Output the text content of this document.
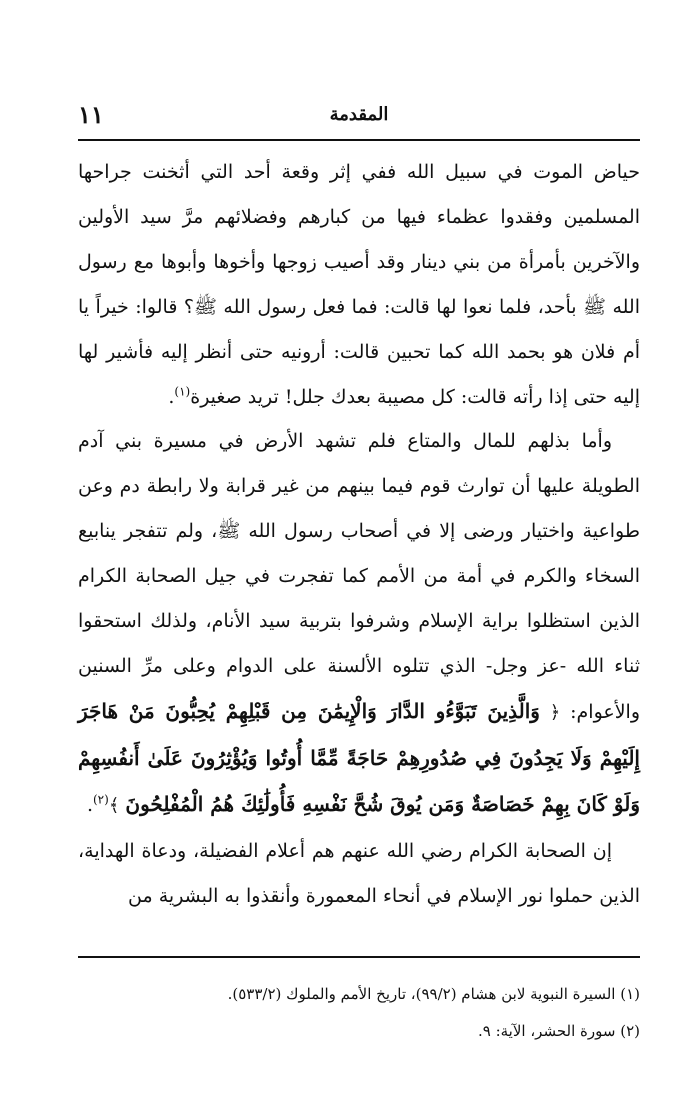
١١	المقدمة

حياض الموت في سبيل الله ففي إثر وقعة أحد التي أثخنت جراحها المسلمين وفقدوا عظماء فيها من كبارهم وفضلائهم مرَّ سيد الأولين والآخرين بأمرأة من بني دينار وقد أصيب زوجها وأخوها وأبوها مع رسول الله ﷺ بأحد، فلما نعوا لها قالت: فما فعل رسول الله ﷺ؟ قالوا: خيراً يا أم فلان هو بحمد الله كما تحبين قالت: أرونيه حتى أنظر إليه فأشير لها إليه حتى إذا رأته قالت: كل مصيبة بعدك جلل! تريد صغيرة$^{(١)}$.

وأما بذلهم للمال والمتاع فلم تشهد الأرض في مسيرة بني آدم الطويلة عليها أن توارث قوم فيما بينهم من غير قرابة ولا رابطة دم وعن طواعية واختيار ورضى إلا في أصحاب رسول الله ﷺ، ولم تتفجر ينابيع السخاء والكرم في أمة من الأمم كما تفجرت في جيل الصحابة الكرام الذين استظلوا براية الإسلام وشرفوا بتربية سيد الأنام، ولذلك استحقوا ثناء الله -عز وجل- الذي تتلوه الألسنة على الدوام وعلى مرِّ السنين والأعوام: ﴿ وَالَّذِينَ تَبَوَّءُو الدَّارَ وَالْإِيمَٰنَ مِن قَبْلِهِمْ يُحِبُّونَ مَنْ هَاجَرَ إِلَيْهِمْ وَلَا يَجِدُونَ فِي صُدُورِهِمْ حَاجَةً مِّمَّا أُوتُوا وَيُؤْثِرُونَ عَلَىٰ أَنفُسِهِمْ وَلَوْ كَانَ بِهِمْ خَصَاصَةٌ وَمَن يُوقَ شُحَّ نَفْسِهِ فَأُولَٰئِكَ هُمُ الْمُفْلِحُونَ ﴾$^{(٢)}$.

إن الصحابة الكرام رضي الله عنهم هم أعلام الفضيلة، ودعاة الهداية، الذين حملوا نور الإسلام في أنحاء المعمورة وأنقذوا به البشرية من

(١) السيرة النبوية لابن هشام (٩٩/٢)، تاريخ الأمم والملوك (٥٣٣/٢).
(٢) سورة الحشر، الآية: ٩.
